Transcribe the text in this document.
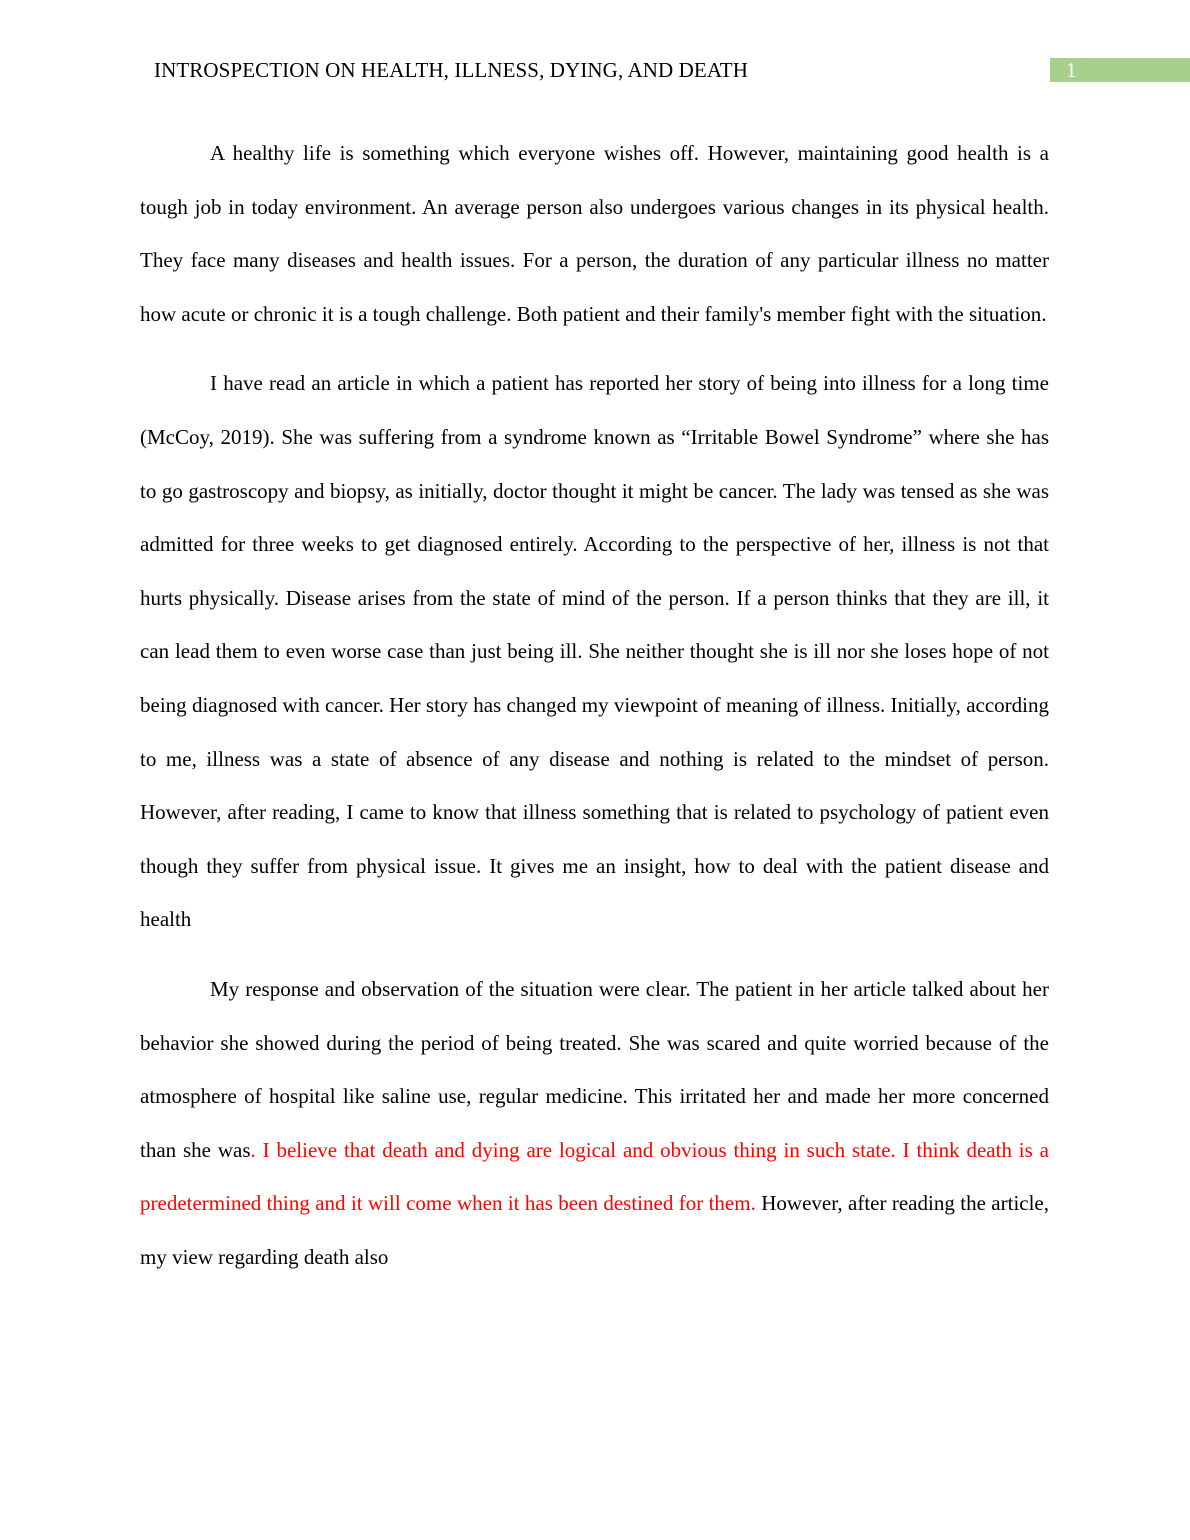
INTROSPECTION ON HEALTH, ILLNESS, DYING, AND DEATH	1

A healthy life is something which everyone wishes off. However, maintaining good health is a tough job in today environment. An average person also undergoes various changes in its physical health. They face many diseases and health issues. For a person, the duration of any particular illness no matter how acute or chronic it is a tough challenge. Both patient and their family's member fight with the situation.

I have read an article in which a patient has reported her story of being into illness for a long time (McCoy, 2019). She was suffering from a syndrome known as “Irritable Bowel Syndrome” where she has to go gastroscopy and biopsy, as initially, doctor thought it might be cancer. The lady was tensed as she was admitted for three weeks to get diagnosed entirely. According to the perspective of her, illness is not that hurts physically. Disease arises from the state of mind of the person. If a person thinks that they are ill, it can lead them to even worse case than just being ill. She neither thought she is ill nor she loses hope of not being diagnosed with cancer. Her story has changed my viewpoint of meaning of illness. Initially, according to me, illness was a state of absence of any disease and nothing is related to the mindset of person. However, after reading, I came to know that illness something that is related to psychology of patient even though they suffer from physical issue. It gives me an insight, how to deal with the patient disease and health

My response and observation of the situation were clear. The patient in her article talked about her behavior she showed during the period of being treated. She was scared and quite worried because of the atmosphere of hospital like saline use, regular medicine. This irritated her and made her more concerned than she was. I believe that death and dying are logical and obvious thing in such state. I think death is a predetermined thing and it will come when it has been destined for them. However, after reading the article, my view regarding death also
